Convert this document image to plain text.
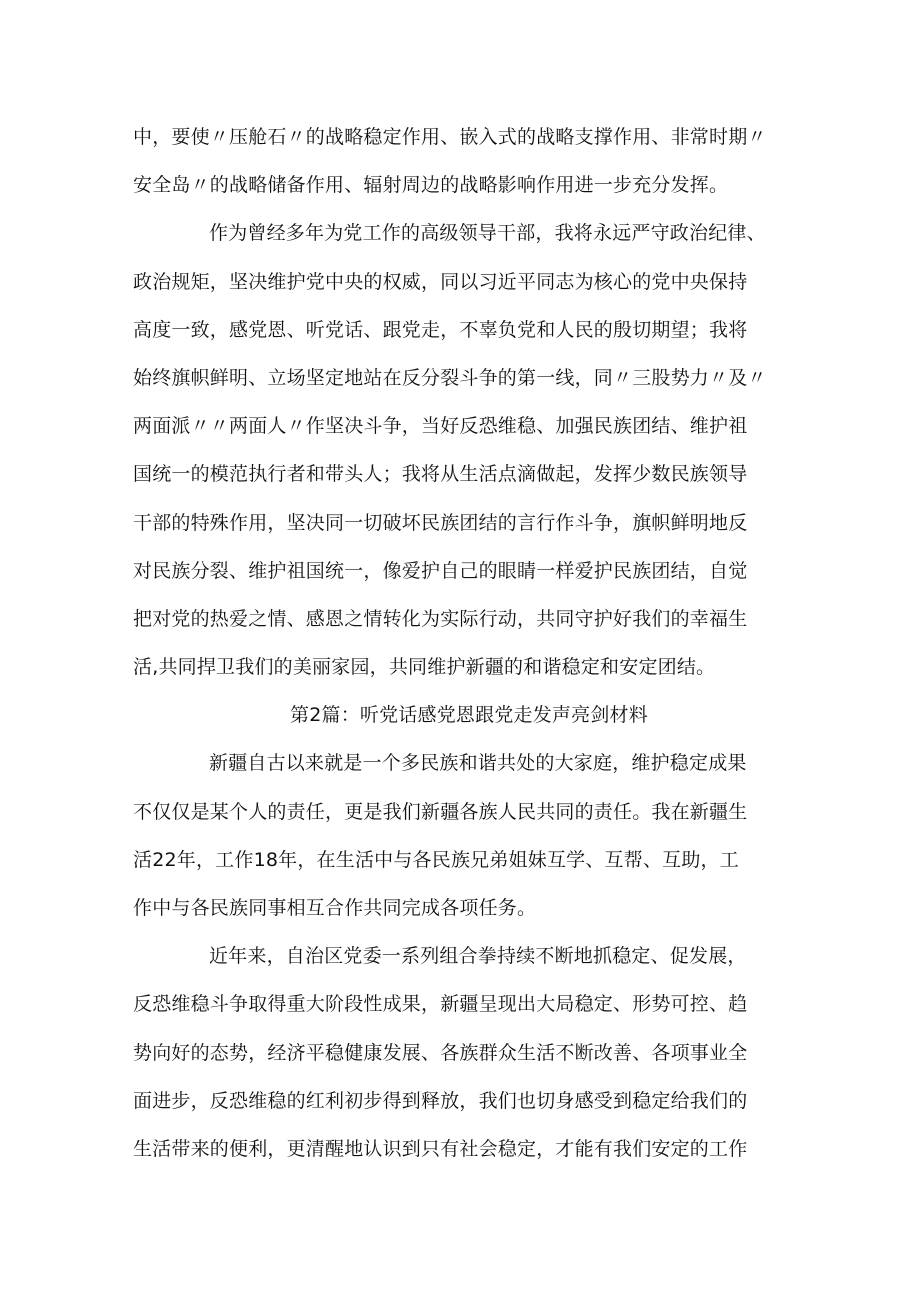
中，要使〃压舱石〃的战略稳定作用、嵌入式的战略支撑作用、非常时期〃
安全岛〃的战略储备作用、辐射周边的战略影响作用进一步充分发挥。
作为曾经多年为党工作的高级领导干部，我将永远严守政治纪律、
政治规矩，坚决维护党中央的权威，同以习近平同志为核心的党中央保持
高度一致，感党恩、听党话、跟党走，不辜负党和人民的殷切期望；我将
始终旗帜鲜明、立场坚定地站在反分裂斗争的第一线，同〃三股势力〃及〃
两面派〃〃两面人〃作坚决斗争，当好反恐维稳、加强民族团结、维护祖
国统一的模范执行者和带头人；我将从生活点滴做起，发挥少数民族领导
干部的特殊作用，坚决同一切破坏民族团结的言行作斗争，旗帜鲜明地反
对民族分裂、维护祖国统一，像爱护自己的眼睛一样爱护民族团结，自觉
把对党的热爱之情、感恩之情转化为实际行动，共同守护好我们的幸福生
活,共同捍卫我们的美丽家园，共同维护新疆的和谐稳定和安定团结。
第2篇：听党话感党恩跟党走发声亮剑材料
新疆自古以来就是一个多民族和谐共处的大家庭，维护稳定成果
不仅仅是某个人的责任，更是我们新疆各族人民共同的责任。我在新疆生
活22年，工作18年，在生活中与各民族兄弟姐妹互学、互帮、互助，工
作中与各民族同事相互合作共同完成各项任务。
近年来，自治区党委一系列组合拳持续不断地抓稳定、促发展，
反恐维稳斗争取得重大阶段性成果，新疆呈现出大局稳定、形势可控、趋
势向好的态势，经济平稳健康发展、各族群众生活不断改善、各项事业全
面进步，反恐维稳的红利初步得到释放，我们也切身感受到稳定给我们的
生活带来的便利，更清醒地认识到只有社会稳定，才能有我们安定的工作
